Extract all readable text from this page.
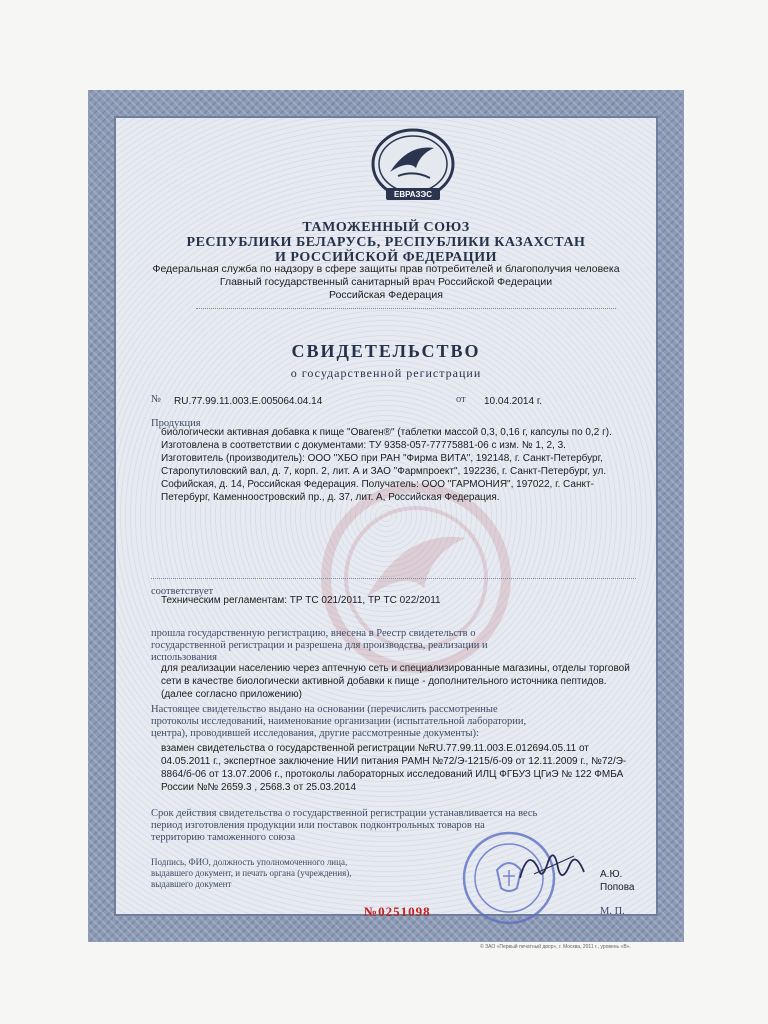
ЕВРАЗЭС
ТАМОЖЕННЫЙ СОЮЗ
РЕСПУБЛИКИ БЕЛАРУСЬ, РЕСПУБЛИКИ КАЗАХСТАН
И РОССИЙСКОЙ ФЕДЕРАЦИИ
Федеральная служба по надзору в сфере защиты прав потребителей и благополучия человека
Главный государственный санитарный врач Российской Федерации
Российская Федерация
СВИДЕТЕЛЬСТВО
о государственной регистрации
№ RU.77.99.11.003.Е.005064.04.14	от 10.04.2014 г.
Продукция
биологически активная добавка к пище "Оваген®" (таблетки массой 0,3, 0,16 г, капсулы по 0,2 г).
Изготовлена в соответствии с документами: ТУ 9358-057-77775881-06 с изм. № 1, 2, 3.
Изготовитель (производитель): ООО "ХБО при РАН "Фирма ВИТА", 192148, г. Санкт-Петербург,
Старопутиловский вал, д. 7, корп. 2, лит. А и ЗАО "Фармпроект", 192236, г. Санкт-Петербург, ул.
Софийская, д. 14, Российская Федерация. Получатель: ООО "ГАРМОНИЯ", 197022, г. Санкт-
Петербург, Каменноостровский пр., д. 37, лит. А, Российская Федерация.
соответствует
Техническим регламентам: ТР ТС 021/2011, ТР ТС 022/2011
прошла государственную регистрацию, внесена в Реестр свидетельств о
государственной регистрации и разрешена для производства, реализации и
использования
для реализации населению через аптечную сеть и специализированные магазины, отделы торговой
сети в качестве биологически активной добавки к пище - дополнительного источника пептидов.
(далее согласно приложению)
Настоящее свидетельство выдано на основании (перечислить рассмотренные
протоколы исследований, наименование организации (испытательной лаборатории,
центра), проводившей исследования, другие рассмотренные документы):
взамен свидетельства о государственной регистрации №RU.77.99.11.003.Е.012694.05.11 от
04.05.2011 г., экспертное заключение НИИ питания РАМН №72/Э-1215/б-09 от 12.11.2009 г., №72/Э-
8864/б-06 от 13.07.2006 г., протоколы лабораторных исследований ИЛЦ ФГБУЗ ЦГиЭ № 122 ФМБА
России №№ 2659.3 , 2568.3 от 25.03.2014
Срок действия свидетельства о государственной регистрации устанавливается на весь
период изготовления продукции или поставок подконтрольных товаров на
территорию таможенного союза
Подпись, ФИО, должность уполномоченного лица,
выдавшего документ, и печать органа (учреждения),
выдавшего документ
А.Ю. Попова
№0251098	М. П.
© ЗАО «Первый печатный двор», г. Москва, 2011 г., уровень «В».
